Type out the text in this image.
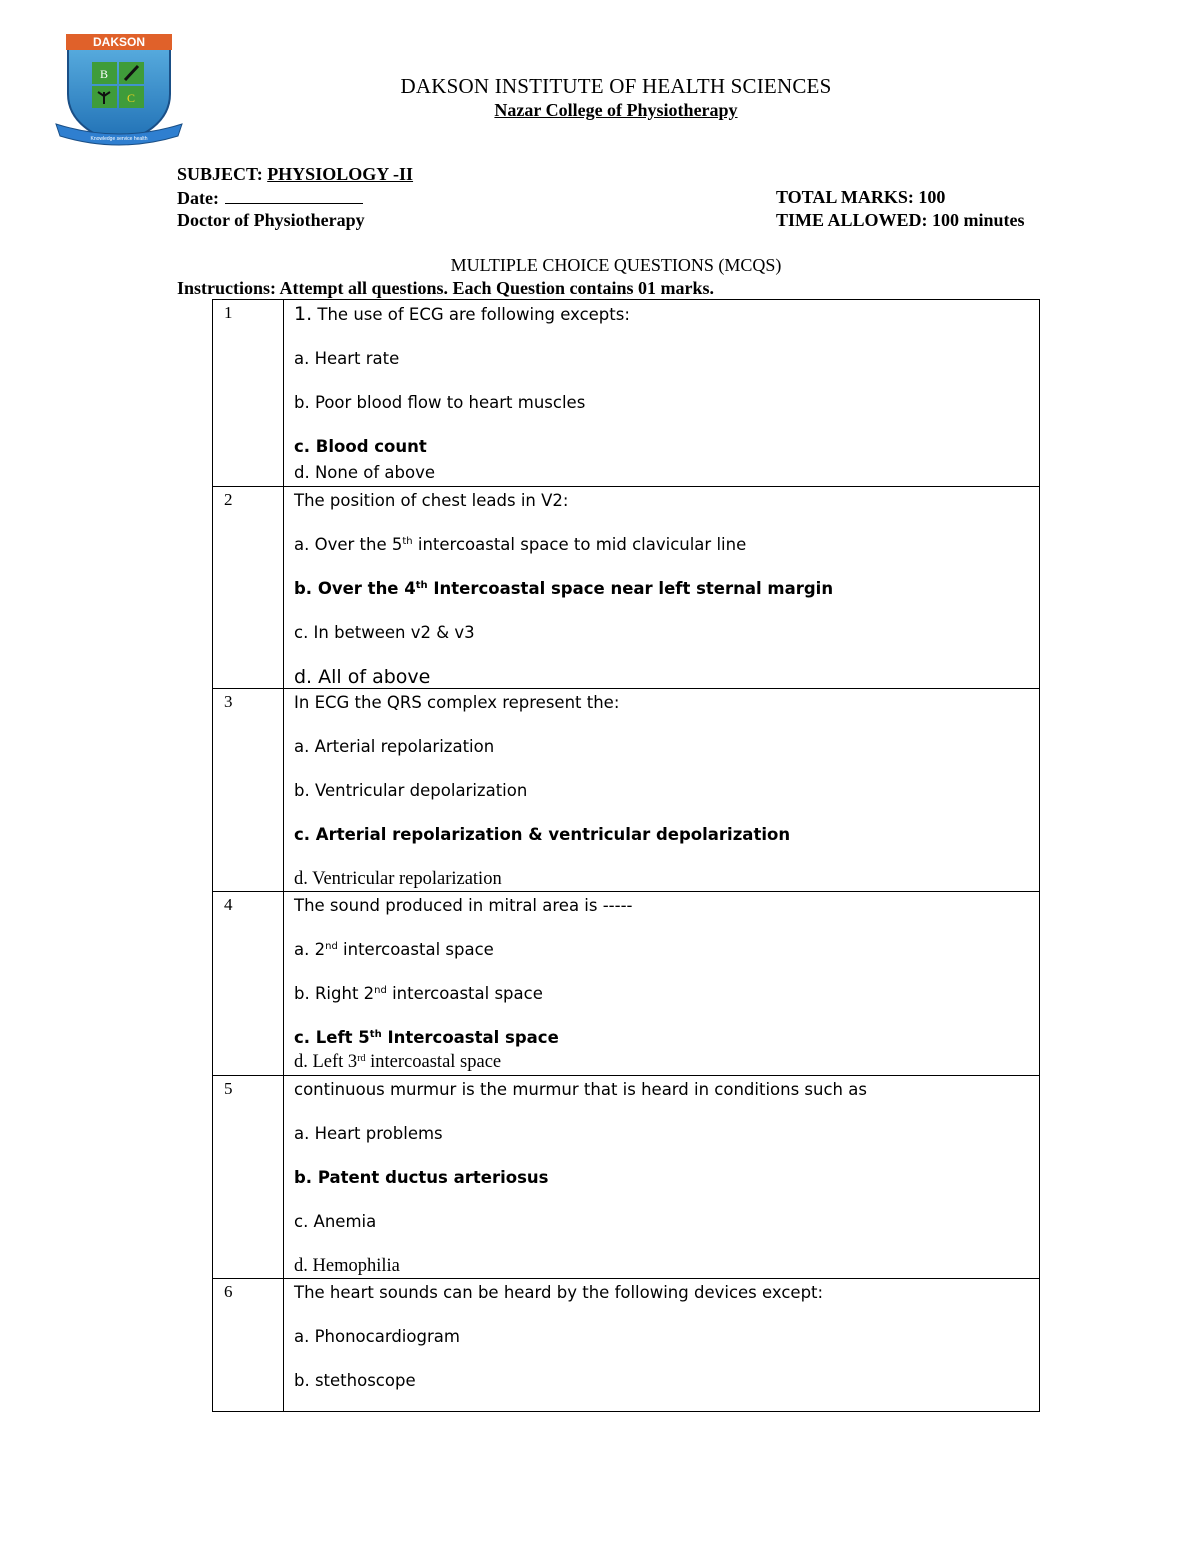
DAKSON
B
C
Knowledge service health
DAKSON INSTITUTE OF HEALTH SCIENCES
Nazar College of Physiotherapy
SUBJECT: PHYSIOLOGY -II
Date:
Doctor of Physiotherapy
TOTAL MARKS: 100
TIME ALLOWED: 100 minutes
MULTIPLE CHOICE QUESTIONS (MCQS)
Instructions: Attempt all questions. Each Question contains 01 marks.
1	1. The use of ECG are following excepts:
a. Heart rate
b. Poor blood flow to heart muscles
c. Blood count
d. None of above

2	The position of chest leads in V2:
a. Over the 5th intercoastal space to mid clavicular line
b. Over the 4th Intercoastal space near left sternal margin
c. In between v2 & v3
d. All of above

3	In ECG the QRS complex represent the:
a. Arterial repolarization
b. Ventricular depolarization
c. Arterial repolarization & ventricular depolarization
d. Ventricular repolarization

4	The sound produced in mitral area is -----
a. 2nd intercoastal space
b. Right 2nd intercoastal space
c. Left 5th Intercoastal space
d. Left 3rd intercoastal space

5	continuous murmur is the murmur that is heard in conditions such as
a. Heart problems
b. Patent ductus arteriosus
c. Anemia
d. Hemophilia

6	The heart sounds can be heard by the following devices except:
a. Phonocardiogram
b. stethoscope
